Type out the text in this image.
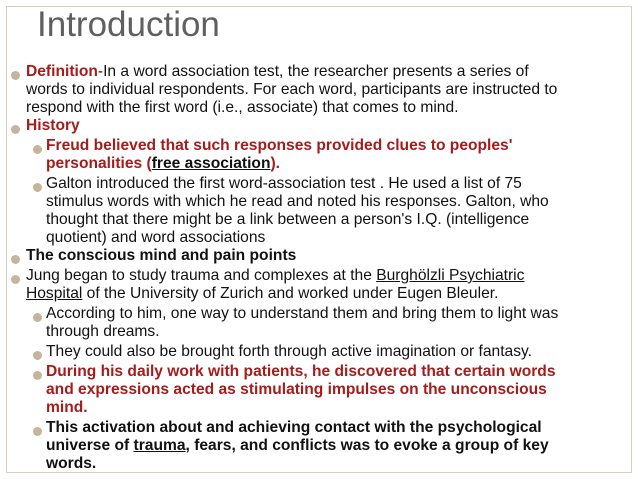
Introduction
Definition-In a word association test, the researcher presents a series of
words to individual respondents. For each word, participants are instructed to
respond with the first word (i.e., associate) that comes to mind.
History
Freud believed that such responses provided clues to peoples'
personalities (free association).
Galton introduced the first word-association test . He used a list of 75
stimulus words with which he read and noted his responses. Galton, who
thought that there might be a link between a person's I.Q. (intelligence
quotient) and word associations
The conscious mind and pain points
Jung began to study trauma and complexes at the Burghölzli Psychiatric
Hospital of the University of Zurich and worked under Eugen Bleuler.
According to him, one way to understand them and bring them to light was
through dreams.
They could also be brought forth through active imagination or fantasy.
During his daily work with patients, he discovered that certain words
and expressions acted as stimulating impulses on the unconscious
mind.
This activation about and achieving contact with the psychological
universe of trauma, fears, and conflicts was to evoke a group of key
words.
